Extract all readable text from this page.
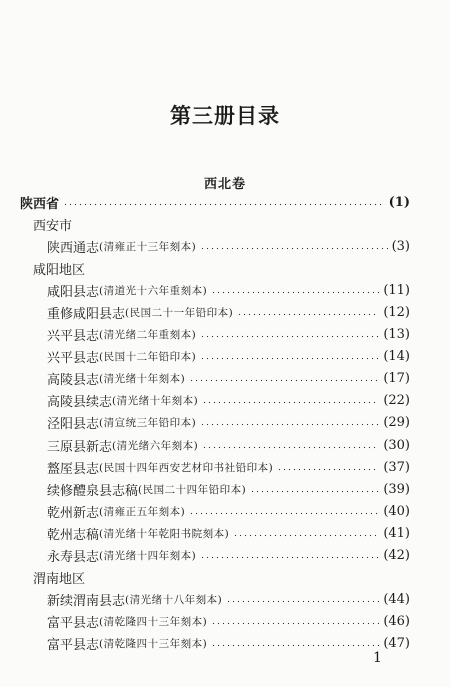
第三册目录
西北卷
陕西省	(1)
西安市
陕西通志 (清雍正十三年刻本)	(3)
咸阳地区
咸阳县志 (清道光十六年重刻本)	(11)
重修咸阳县志 (民国二十一年铅印本)	(12)
兴平县志 (清光绪二年重刻本)	(13)
兴平县志 (民国十二年铅印本)	(14)
高陵县志 (清光绪十年刻本)	(17)
高陵县续志 (清光绪十年刻本)	(22)
泾阳县志 (清宣统三年铅印本)	(29)
三原县新志 (清光绪六年刻本)	(30)
盩厔县志 (民国十四年西安艺材印书社铅印本)	(37)
续修醴泉县志稿 (民国二十四年铅印本)	(39)
乾州新志 (清雍正五年刻本)	(40)
乾州志稿 (清光绪十年乾阳书院刻本)	(41)
永寿县志 (清光绪十四年刻本)	(42)
渭南地区
新续渭南县志 (清光绪十八年刻本)	(44)
富平县志 (清乾隆四十三年刻本)	(46)
富平县志 (清乾隆四十三年刻本)	(47)
1
